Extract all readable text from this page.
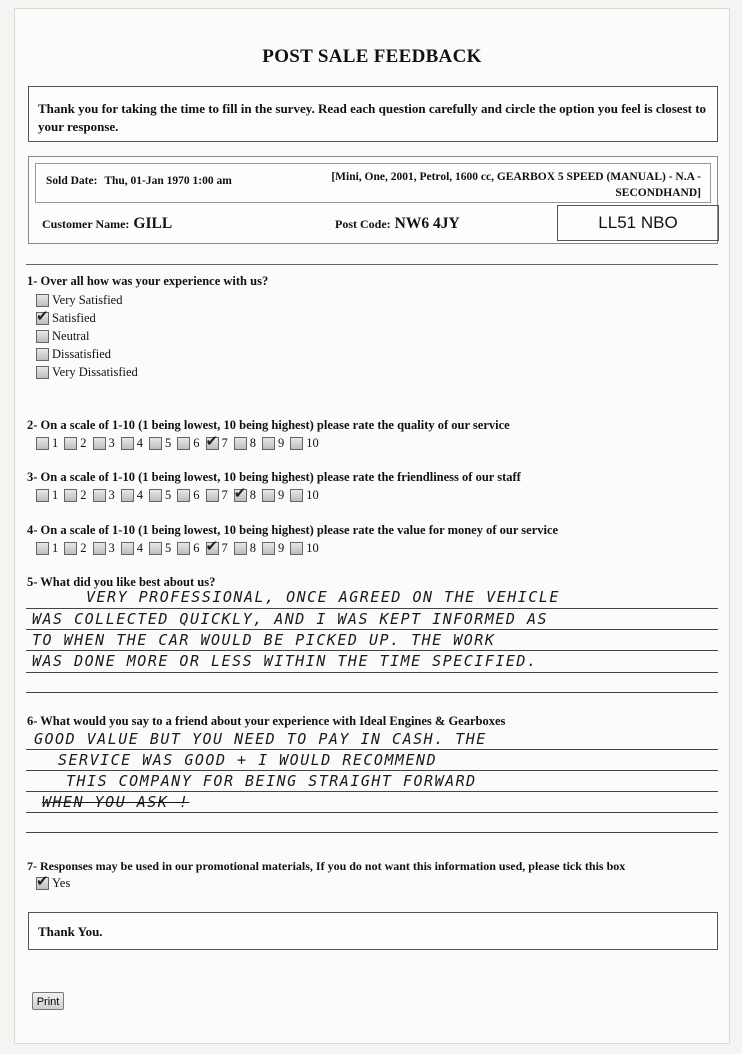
POST SALE FEEDBACK

Thank you for taking the time to fill in the survey. Read each question carefully and circle the option you feel is closest to your response.

Sold Date: Thu, 01-Jan 1970 1:00 am	[Mini, One, 2001, Petrol, 1600 cc, GEARBOX 5 SPEED (MANUAL) - N.A -
SECONDHAND]
Customer Name: GILL	Post Code: NW6 4JY	LL51 NBO
1- Over all how was your experience with us?
Very Satisfied
✔
Satisfied
Neutral
Dissatisfied
Very Dissatisfied
2- On a scale of 1-10 (1 being lowest, 10 being highest) please rate the quality of our service
1 2 3 4 5 6 ✔ 7 8 9 10
3- On a scale of 1-10 (1 being lowest, 10 being highest) please rate the friendliness of our staff
1 2 3 4 5 6 7 ✔ 8 9 10
4- On a scale of 1-10 (1 being lowest, 10 being highest) please rate the value for money of our service
1 2 3 4 5 6 ✔ 7 8 9 10
5- What did you like best about us?
VERY PROFESSIONAL, ONCE AGREED ON THE VEHICLE
WAS COLLECTED QUICKLY, AND I WAS KEPT INFORMED AS
TO WHEN THE CAR WOULD BE PICKED UP. THE WORK
WAS DONE MORE OR LESS WITHIN THE TIME SPECIFIED.
6- What would you say to a friend about your experience with Ideal Engines & Gearboxes
GOOD VALUE BUT YOU NEED TO PAY IN CASH. THE
SERVICE WAS GOOD + I WOULD RECOMMEND
THIS COMPANY FOR BEING STRAIGHT FORWARD
WHEN YOU ASK !
7- Responses may be used in our promotional materials, If you do not want this information used, please tick this box
✔
Yes
Thank You.
Print
